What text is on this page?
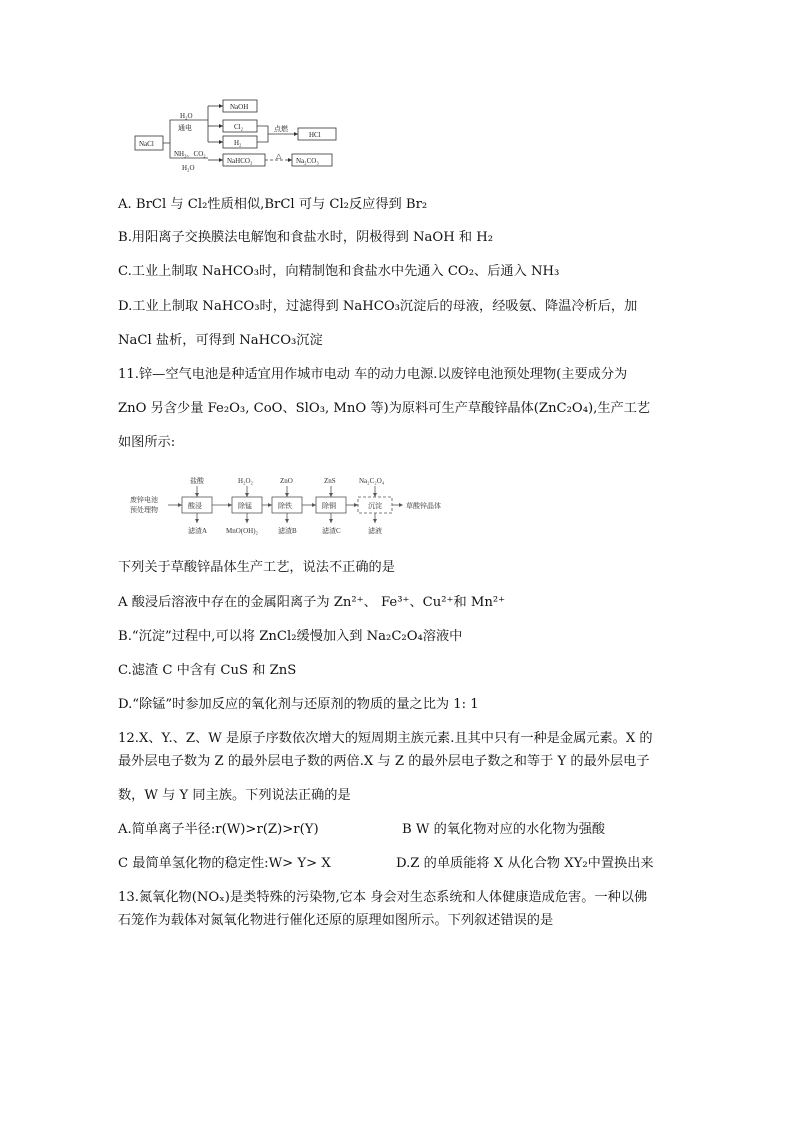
NaCl
H₂O
通电
NH₃、CO₂
H₂O
NaOH
Cl₂
H₂
NaHCO₃	Na₂CO₃
HCl
点燃
△
A. BrCl 与 Cl₂性质相似,BrCl 可与 Cl₂反应得到 Br₂
B.用阳离子交换膜法电解饱和食盐水时，阴极得到 NaOH 和 H₂
C.工业上制取 NaHCO₃时，向精制饱和食盐水中先通入 CO₂、后通入 NH₃
D.工业上制取 NaHCO₃时，过滤得到 NaHCO₃沉淀后的母液，经吸氨、降温冷析后，加
NaCl 盐析，可得到 NaHCO₃沉淀
11.锌—空气电池是种适宜用作城市电动 车的动力电源.以废锌电池预处理物(主要成分为
ZnO 另含少量 Fe₂O₃, CoO、SlO₃, MnO 等)为原料可生产草酸锌晶体(ZnC₂O₄),生产工艺
如图所示:
废锌电池
预处理物	酸浸	除锰	除铁	除铜	沉淀
盐酸	H₂O₂	ZnO	ZnS	Na₂C₂O₄
滤渣A	MnO(OH)₂	滤渣B	滤渣C	滤液
草酸锌晶体
下列关于草酸锌晶体生产工艺，说法不正确的是
A 酸浸后溶液中存在的金属阳离子为 Zn²⁺、 Fe³⁺、Cu²⁺和 Mn²⁺
B.“沉淀”过程中,可以将 ZnCl₂缓慢加入到 Na₂C₂O₄溶液中
C.滤渣 C 中含有 CuS 和 ZnS
D.“除锰”时参加反应的氧化剂与还原剂的物质的量之比为 1: 1
12.X、Y.、Z、W 是原子序数依次增大的短周期主族元素.且其中只有一种是金属元素。X 的
最外层电子数为 Z 的最外层电子数的两倍.X 与 Z 的最外层电子数之和等于 Y 的最外层电子
数，W 与 Y 同主族。下列说法正确的是
A.简单离子半径:r(W)>r(Z)>r(Y)	B W 的氧化物对应的水化物为强酸
C 最简单氢化物的稳定性:W> Y> X	D.Z 的单质能将 X 从化合物 XY₂中置换出来
13.氮氧化物(NOₓ)是类特殊的污染物,它本 身会对生态系统和人体健康造成危害。一种以佛
石笼作为载体对氮氧化物进行催化还原的原理如图所示。下列叙述错误的是
